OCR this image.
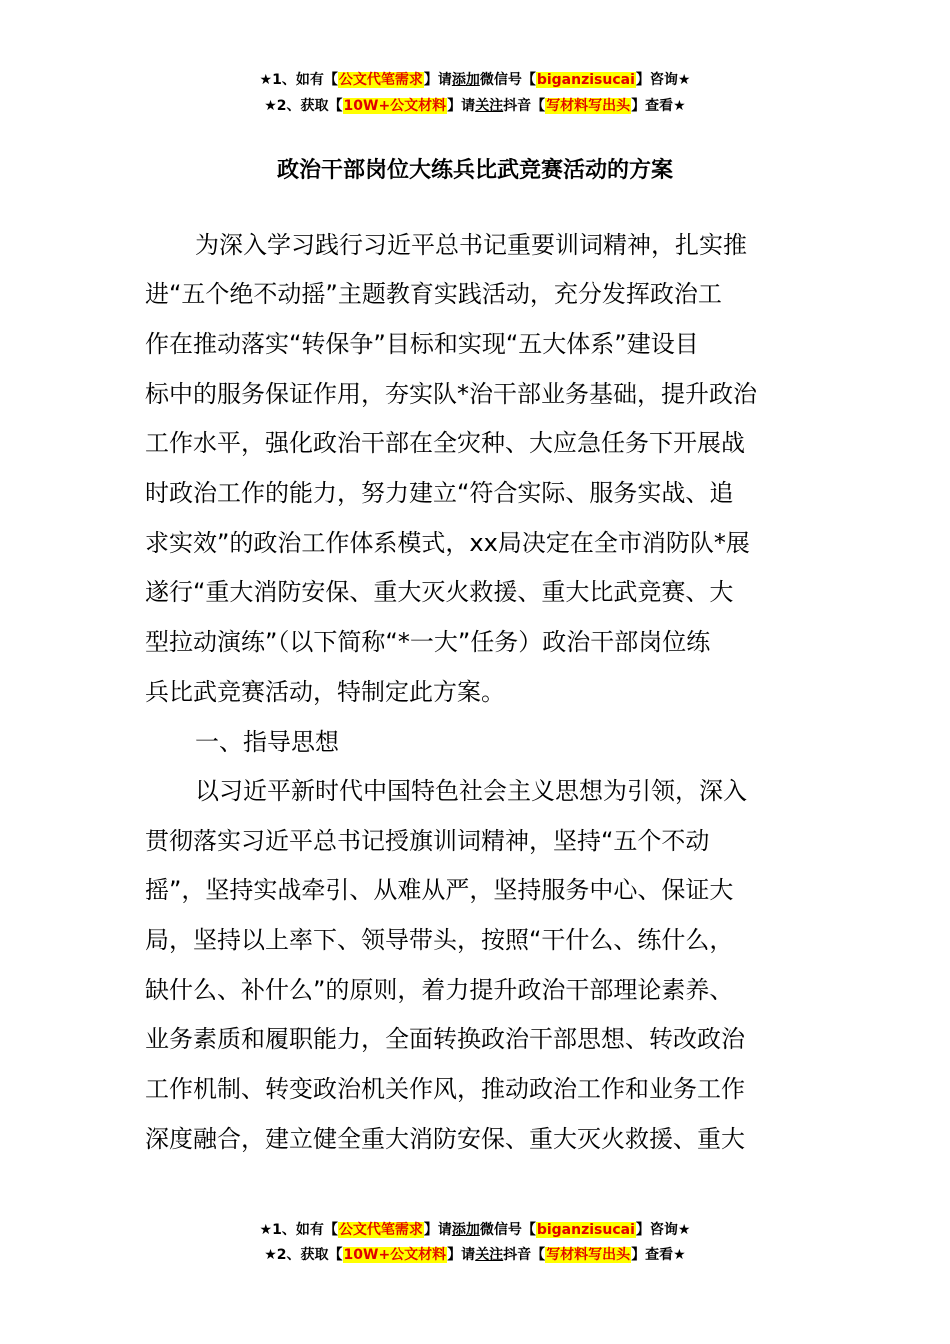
★1、如有【公文代笔需求】请添加微信号【biganzisucai】咨询★
★2、获取【10W+公文材料】请关注抖音【写材料写出头】查看★
政治干部岗位大练兵比武竞赛活动的方案
为深入学习践行习近平总书记重要训词精神，扎实推
进“五个绝不动摇”主题教育实践活动，充分发挥政治工
作在推动落实“转保争”目标和实现“五大体系”建设目
标中的服务保证作用，夯实队*治干部业务基础，提升政治
工作水平，强化政治干部在全灾种、大应急任务下开展战
时政治工作的能力，努力建立“符合实际、服务实战、追
求实效”的政治工作体系模式，xx局决定在全市消防队*展
遂行“重大消防安保、重大灭火救援、重大比武竞赛、大
型拉动演练”（以下简称“*一大”任务）政治干部岗位练
兵比武竞赛活动，特制定此方案。
一、指导思想
以习近平新时代中国特色社会主义思想为引领，深入
贯彻落实习近平总书记授旗训词精神，坚持“五个不动
摇”，坚持实战牵引、从难从严，坚持服务中心、保证大
局，坚持以上率下、领导带头，按照“干什么、练什么，
缺什么、补什么”的原则，着力提升政治干部理论素养、
业务素质和履职能力，全面转换政治干部思想、转改政治
工作机制、转变政治机关作风，推动政治工作和业务工作
深度融合，建立健全重大消防安保、重大灭火救援、重大
★1、如有【公文代笔需求】请添加微信号【biganzisucai】咨询★
★2、获取【10W+公文材料】请关注抖音【写材料写出头】查看★
